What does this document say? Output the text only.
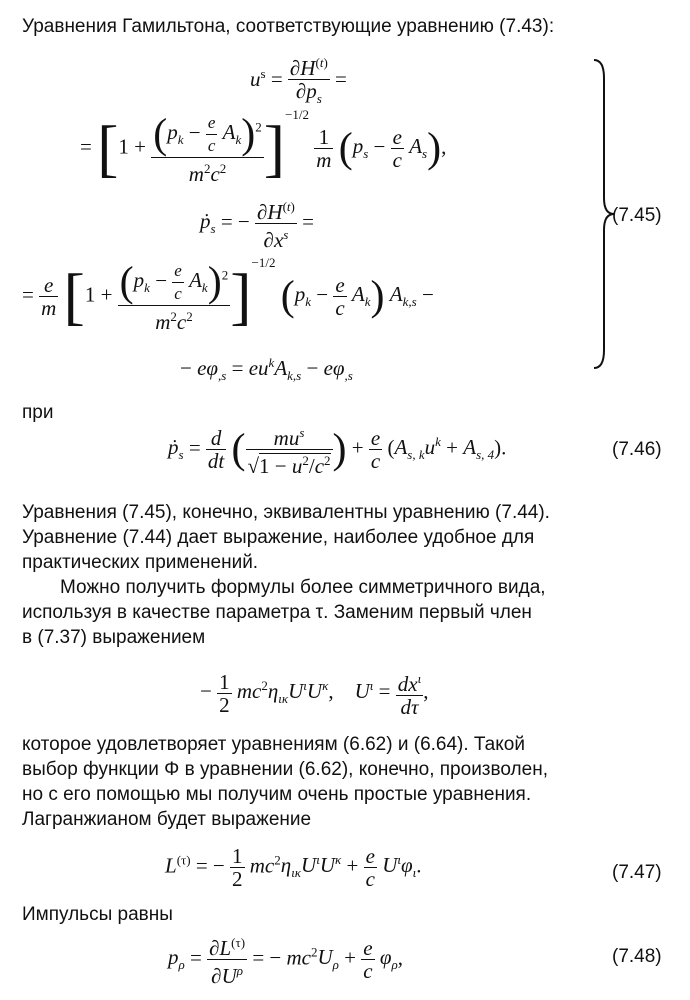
Уравнения Гамильтона, соответствующие уравнению (7.43):
$u^s = \frac{\partial H^{(t)}}{\partial p_s}$ =
= $[1 + \frac{(p_k - \frac{e}{c} A_k)^2}{m^2c^2} ]^{-1/2}$
$\frac{1}{m} (p_s - \frac{e}{c} A_s)$,
ṗ$_s$ = − $\frac{\partial H^{(t)}}{\partial x^s}$ =
= $\frac{e}{m} [1 + \frac{(p_k - \frac{e}{c} A_k)^2}{m^2c^2} ]^{-1/2}$ $(p_k - \frac{e}{c} A_k) A_{k,s}$ −
− $e\varphi_{,s} = eu^kA_{k,s} - e\varphi_{,s}$
(7.45)
при
ṗ$_s$ = $\frac{d}{dt}$ ( $\frac{mu^s}{√1 - u^2/c^2}$ ) + $\frac{e}{c} (A_{s, k}u^k + A_{s, 4})$.	(7.46)
Уравнения (7.45), конечно, эквивалентны уравнению (7.44).
Уравнение (7.44) дает выражение, наиболее удобное для
практических применений.
Можно получить формулы более симметричного вида,
используя в качестве параметра τ. Заменим первый член
в (7.37) выражением
− $\frac{1}{2} mc^2\eta_{\iota\kappa}U^\iota U^\kappa$,    $U^\iota = \frac{dx^\iota}{d\tau}$ ,
которое удовлетворяет уравнениям (6.62) и (6.64). Такой
выбор функции Φ в уравнении (6.62), конечно, произволен,
но с его помощью мы получим очень простые уравнения.
Лагранжианом будет выражение
$L^{(\tau)}$ = − $\frac{1}{2} mc^2\eta_{\iota\kappa}U^\iota U^\kappa + \frac{e}{c} U^\iota\varphi_\iota$.	(7.47)
Импульсы равны
$p_\rho = \frac{\partial L^{(\tau)}}{\partial U^\rho}$ = − $mc^2U_\rho + \frac{e}{c} \varphi_\rho$,	(7.48)
